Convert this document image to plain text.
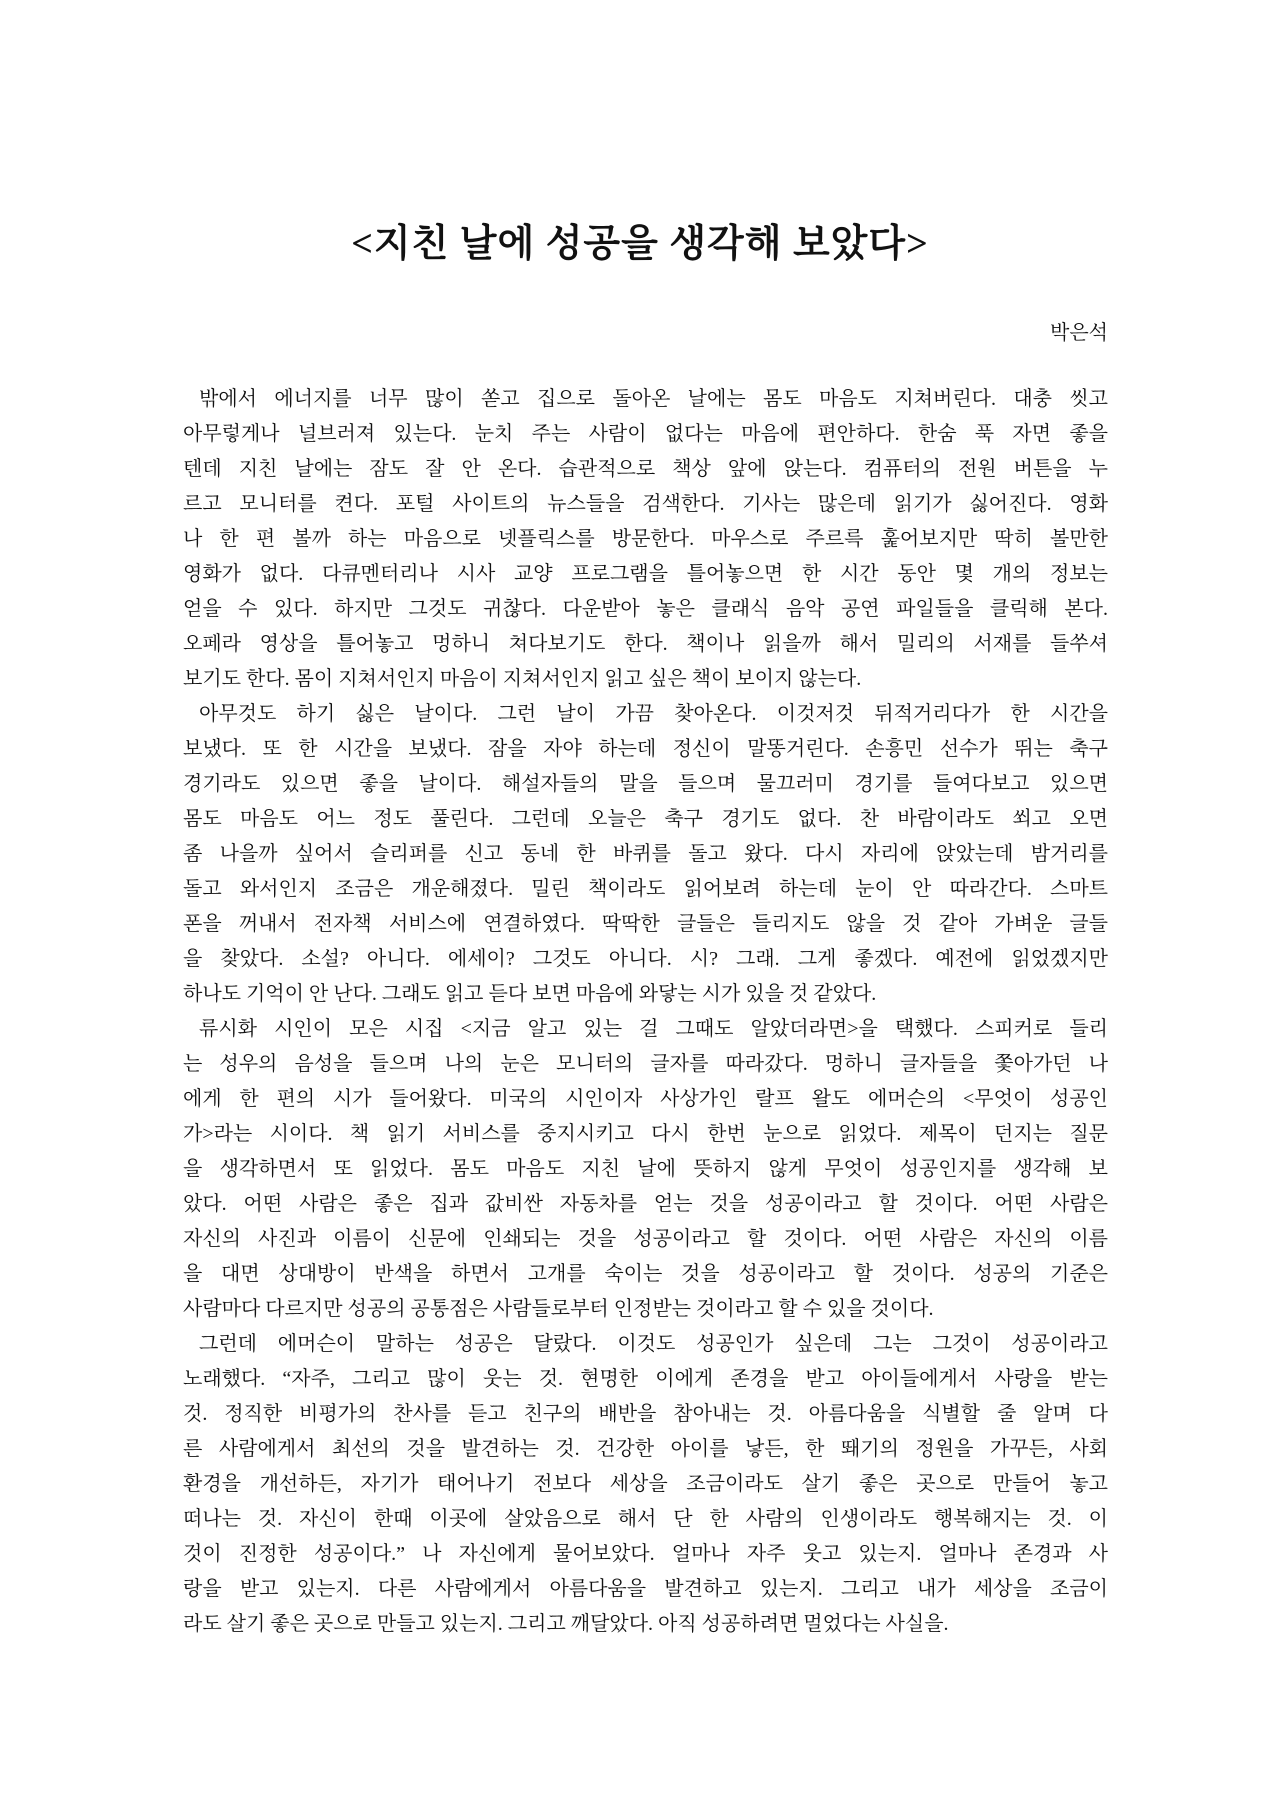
<지친 날에 성공을 생각해 보았다>
박은석
밖에서 에너지를 너무 많이 쏟고 집으로 돌아온 날에는 몸도 마음도 지쳐버린다. 대충 씻고
아무렇게나 널브러져 있는다. 눈치 주는 사람이 없다는 마음에 편안하다. 한숨 푹 자면 좋을
텐데 지친 날에는 잠도 잘 안 온다. 습관적으로 책상 앞에 앉는다. 컴퓨터의 전원 버튼을 누
르고 모니터를 켠다. 포털 사이트의 뉴스들을 검색한다. 기사는 많은데 읽기가 싫어진다. 영화
나 한 편 볼까 하는 마음으로 넷플릭스를 방문한다. 마우스로 주르륵 훑어보지만 딱히 볼만한
영화가 없다. 다큐멘터리나 시사 교양 프로그램을 틀어놓으면 한 시간 동안 몇 개의 정보는
얻을 수 있다. 하지만 그것도 귀찮다. 다운받아 놓은 클래식 음악 공연 파일들을 클릭해 본다.
오페라 영상을 틀어놓고 멍하니 쳐다보기도 한다. 책이나 읽을까 해서 밀리의 서재를 들쑤셔
보기도 한다. 몸이 지쳐서인지 마음이 지쳐서인지 읽고 싶은 책이 보이지 않는다.
아무것도 하기 싫은 날이다. 그런 날이 가끔 찾아온다. 이것저것 뒤적거리다가 한 시간을
보냈다. 또 한 시간을 보냈다. 잠을 자야 하는데 정신이 말똥거린다. 손흥민 선수가 뛰는 축구
경기라도 있으면 좋을 날이다. 해설자들의 말을 들으며 물끄러미 경기를 들여다보고 있으면
몸도 마음도 어느 정도 풀린다. 그런데 오늘은 축구 경기도 없다. 찬 바람이라도 쐬고 오면
좀 나을까 싶어서 슬리퍼를 신고 동네 한 바퀴를 돌고 왔다. 다시 자리에 앉았는데 밤거리를
돌고 와서인지 조금은 개운해졌다. 밀린 책이라도 읽어보려 하는데 눈이 안 따라간다. 스마트
폰을 꺼내서 전자책 서비스에 연결하였다. 딱딱한 글들은 들리지도 않을 것 같아 가벼운 글들
을 찾았다. 소설? 아니다. 에세이? 그것도 아니다. 시? 그래. 그게 좋겠다. 예전에 읽었겠지만
하나도 기억이 안 난다. 그래도 읽고 듣다 보면 마음에 와닿는 시가 있을 것 같았다.
류시화 시인이 모은 시집 <지금 알고 있는 걸 그때도 알았더라면>을 택했다. 스피커로 들리
는 성우의 음성을 들으며 나의 눈은 모니터의 글자를 따라갔다. 멍하니 글자들을 쫓아가던 나
에게 한 편의 시가 들어왔다. 미국의 시인이자 사상가인 랄프 왈도 에머슨의 <무엇이 성공인
가>라는 시이다. 책 읽기 서비스를 중지시키고 다시 한번 눈으로 읽었다. 제목이 던지는 질문
을 생각하면서 또 읽었다. 몸도 마음도 지친 날에 뜻하지 않게 무엇이 성공인지를 생각해 보
았다. 어떤 사람은 좋은 집과 값비싼 자동차를 얻는 것을 성공이라고 할 것이다. 어떤 사람은
자신의 사진과 이름이 신문에 인쇄되는 것을 성공이라고 할 것이다. 어떤 사람은 자신의 이름
을 대면 상대방이 반색을 하면서 고개를 숙이는 것을 성공이라고 할 것이다. 성공의 기준은
사람마다 다르지만 성공의 공통점은 사람들로부터 인정받는 것이라고 할 수 있을 것이다.
그런데 에머슨이 말하는 성공은 달랐다. 이것도 성공인가 싶은데 그는 그것이 성공이라고
노래했다. “자주, 그리고 많이 웃는 것. 현명한 이에게 존경을 받고 아이들에게서 사랑을 받는
것. 정직한 비평가의 찬사를 듣고 친구의 배반을 참아내는 것. 아름다움을 식별할 줄 알며 다
른 사람에게서 최선의 것을 발견하는 것. 건강한 아이를 낳든, 한 뙈기의 정원을 가꾸든, 사회
환경을 개선하든, 자기가 태어나기 전보다 세상을 조금이라도 살기 좋은 곳으로 만들어 놓고
떠나는 것. 자신이 한때 이곳에 살았음으로 해서 단 한 사람의 인생이라도 행복해지는 것. 이
것이 진정한 성공이다.” 나 자신에게 물어보았다. 얼마나 자주 웃고 있는지. 얼마나 존경과 사
랑을 받고 있는지. 다른 사람에게서 아름다움을 발견하고 있는지. 그리고 내가 세상을 조금이
라도 살기 좋은 곳으로 만들고 있는지. 그리고 깨달았다. 아직 성공하려면 멀었다는 사실을.
